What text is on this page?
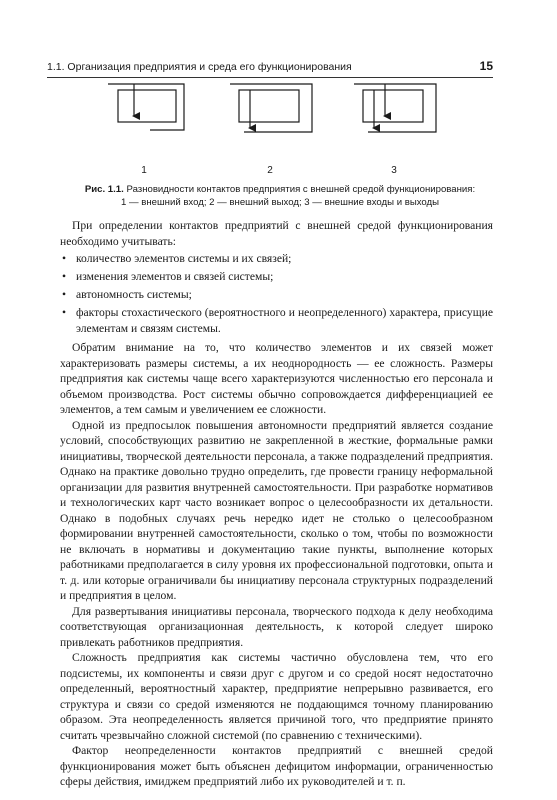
1.1. Организация предприятия и среда его функционирования	15
1	2	3
Рис. 1.1. Разновидности контактов предприятия с внешней средой функционирования:
1 — внешний вход; 2 — внешний выход; 3 — внешние входы и выходы

При определении контактов предприятий с внешней средой функционирования необходимо учитывать:

• количество элементов системы и их связей;
• изменения элементов и связей системы;
• автономность системы;
• факторы стохастического (вероятностного и неопределенного) характера, присущие элементам и связям системы.

Обратим внимание на то, что количество элементов и их связей может характеризовать размеры системы, а их неоднородность — ее сложность. Размеры предприятия как системы чаще всего характеризуются численностью его персонала и объемом производства. Рост системы обычно сопровождается дифференциацией ее элементов, а тем самым и увеличением ее сложности.

Одной из предпосылок повышения автономности предприятий является создание условий, способствующих развитию не закрепленной в жесткие, формальные рамки инициативы, творческой деятельности персонала, а также подразделений предприятия. Однако на практике довольно трудно определить, где провести границу неформальной организации для развития внутренней самостоятельности. При разработке нормативов и технологических карт часто возникает вопрос о целесообразности их детальности. Однако в подобных случаях речь нередко идет не столько о целесообразном формировании внутренней самостоятельности, сколько о том, чтобы по возможности не включать в нормативы и документацию такие пункты, выполнение которых работниками предполагается в силу уровня их профессиональной подготовки, опыта и т. д. или которые ограничивали бы инициативу персонала структурных подразделений и предприятия в целом.

Для развертывания инициативы персонала, творческого подхода к делу необходима соответствующая организационная деятельность, к которой следует широко привлекать работников предприятия.

Сложность предприятия как системы частично обусловлена тем, что его подсистемы, их компоненты и связи друг с другом и со средой носят недостаточно определенный, вероятностный характер, предприятие непрерывно развивается, его структура и связи со средой изменяются не поддающимся точному планированию образом. Эта неопределенность является причиной того, что предприятие принято считать чрезвычайно сложной системой (по сравнению с техническими).

Фактор неопределенности контактов предприятий с внешней средой функционирования может быть объяснен дефицитом информации, ограниченностью сферы действия, имиджем предприятий либо их руководителей и т. п.
